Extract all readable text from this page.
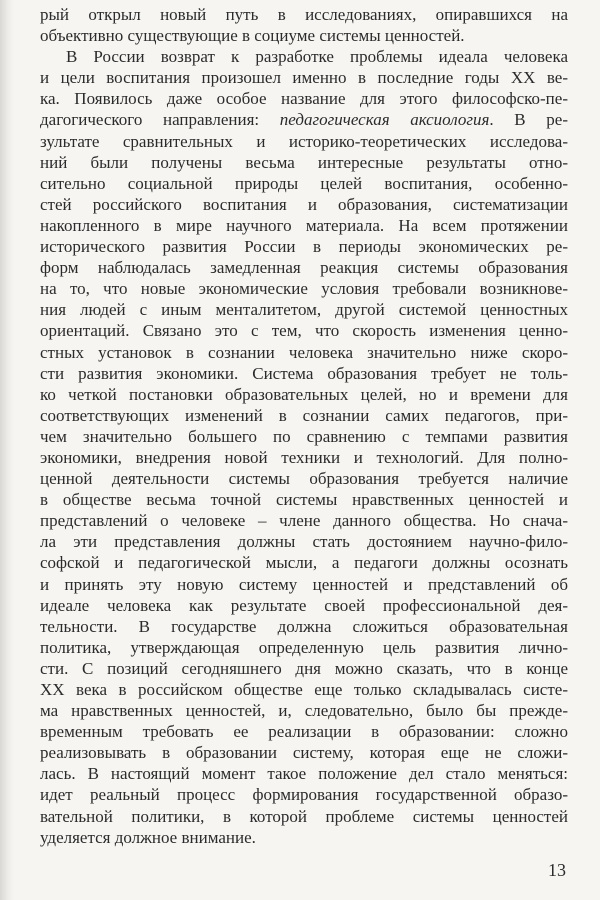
рый открыл новый путь в исследованиях, опиравшихся на
объективно существующие в социуме системы ценностей.
В России возврат к разработке проблемы идеала человека
и цели воспитания произошел именно в последние годы XX ве-
ка. Появилось даже особое название для этого философско-пе-
дагогического направления: педагогическая аксиология. В ре-
зультате сравнительных и историко-теоретических исследова-
ний были получены весьма интересные результаты отно-
сительно социальной природы целей воспитания, особенно-
стей российского воспитания и образования, систематизации
накопленного в мире научного материала. На всем протяжении
исторического развития России в периоды экономических ре-
форм наблюдалась замедленная реакция системы образования
на то, что новые экономические условия требовали возникнове-
ния людей с иным менталитетом, другой системой ценностных
ориентаций. Связано это с тем, что скорость изменения ценно-
стных установок в сознании человека значительно ниже скоро-
сти развития экономики. Система образования требует не толь-
ко четкой постановки образовательных целей, но и времени для
соответствующих изменений в сознании самих педагогов, при-
чем значительно большего по сравнению с темпами развития
экономики, внедрения новой техники и технологий. Для полно-
ценной деятельности системы образования требуется наличие
в обществе весьма точной системы нравственных ценностей и
представлений о человеке – члене данного общества. Но снача-
ла эти представления должны стать достоянием научно-фило-
софской и педагогической мысли, а педагоги должны осознать
и принять эту новую систему ценностей и представлений об
идеале человека как результате своей профессиональной дея-
тельности. В государстве должна сложиться образовательная
политика, утверждающая определенную цель развития лично-
сти. С позиций сегодняшнего дня можно сказать, что в конце
XX века в российском обществе еще только складывалась систе-
ма нравственных ценностей, и, следовательно, было бы прежде-
временным требовать ее реализации в образовании: сложно
реализовывать в образовании систему, которая еще не сложи-
лась. В настоящий момент такое положение дел стало меняться:
идет реальный процесс формирования государственной образо-
вательной политики, в которой проблеме системы ценностей
уделяется должное внимание.
13
